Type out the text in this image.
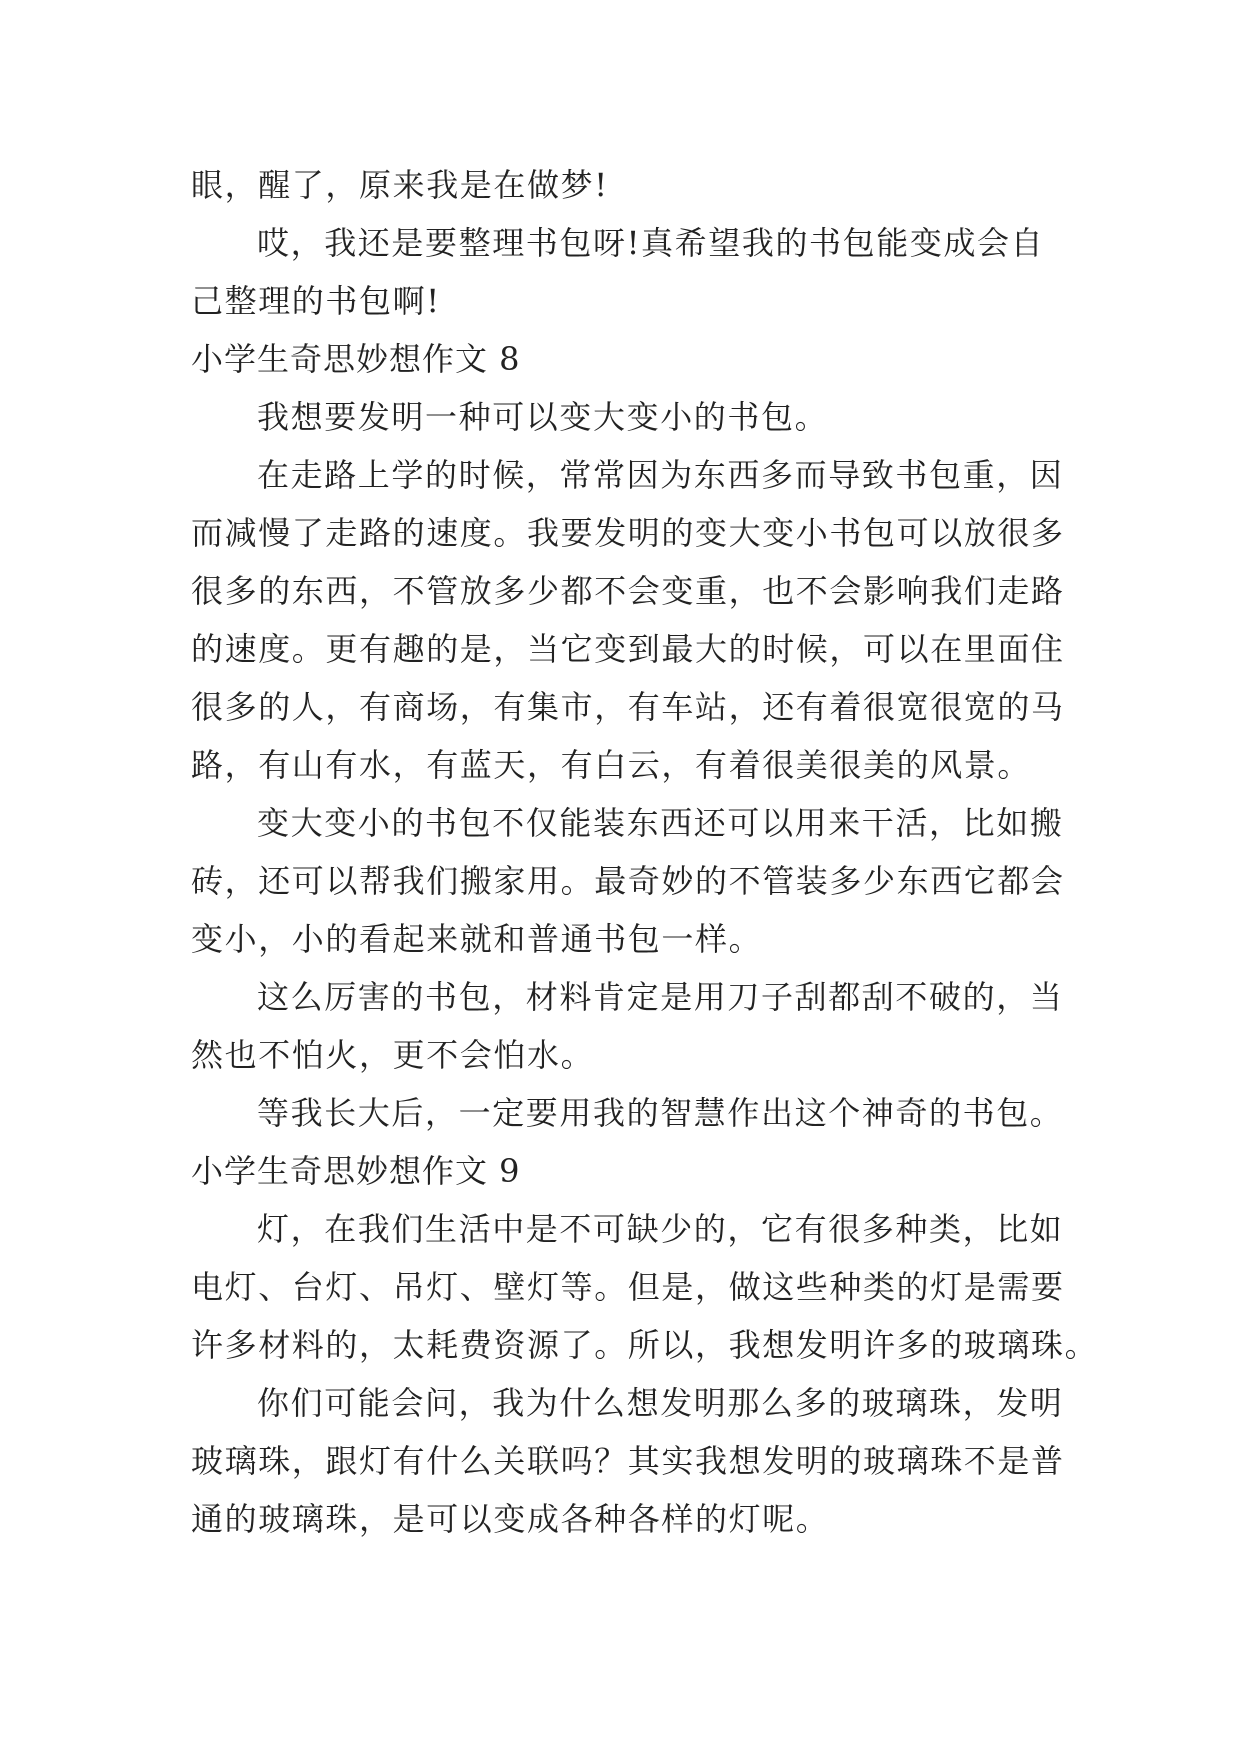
眼，醒了，原来我是在做梦!
哎，我还是要整理书包呀!真希望我的书包能变成会自
己整理的书包啊!
小学生奇思妙想作文 8
我想要发明一种可以变大变小的书包。
在走路上学的时候，常常因为东西多而导致书包重，因
而减慢了走路的速度。我要发明的变大变小书包可以放很多
很多的东西，不管放多少都不会变重，也不会影响我们走路
的速度。更有趣的是，当它变到最大的时候，可以在里面住
很多的人，有商场，有集市，有车站，还有着很宽很宽的马
路，有山有水，有蓝天，有白云，有着很美很美的风景。
变大变小的书包不仅能装东西还可以用来干活，比如搬
砖，还可以帮我们搬家用。最奇妙的不管装多少东西它都会
变小，小的看起来就和普通书包一样。
这么厉害的书包，材料肯定是用刀子刮都刮不破的，当
然也不怕火，更不会怕水。
等我长大后，一定要用我的智慧作出这个神奇的书包。
小学生奇思妙想作文 9
灯，在我们生活中是不可缺少的，它有很多种类，比如
电灯、台灯、吊灯、壁灯等。但是，做这些种类的灯是需要
许多材料的，太耗费资源了。所以，我想发明许多的玻璃珠。
你们可能会问，我为什么想发明那么多的玻璃珠，发明
玻璃珠，跟灯有什么关联吗？其实我想发明的玻璃珠不是普
通的玻璃珠，是可以变成各种各样的灯呢。
